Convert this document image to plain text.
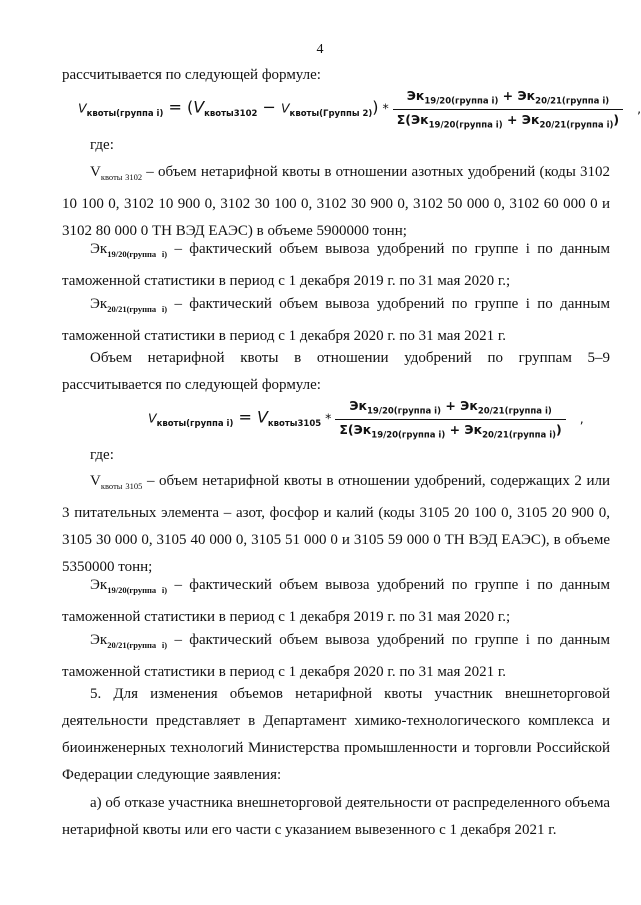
4
рассчитывается по следующей формуле:
$V_{квоты(группа i)} = (V_{квоты3102} - V_{квоты(Группы 2)}) * \frac{Эк_{19/20(группа i)} + Эк_{20/21(группа i)}}{\Sigma(Эк_{19/20(группа i)} + Эк_{20/21(группа i)})}$ ,
где:
$V_{квоты 3102}$ – объем нетарифной квоты в отношении азотных удобрений (коды 3102 10 100 0, 3102 10 900 0, 3102 30 100 0, 3102 30 900 0, 3102 50 000 0, 3102 60 000 0 и 3102 80 000 0 ТН ВЭД ЕАЭС) в объеме 5900000 тонн;
$Эк_{19/20(группа i)}$ – фактический объем вывоза удобрений по группе i по данным таможенной статистики в период с 1 декабря 2019 г. по 31 мая 2020 г.;
$Эк_{20/21(группа i)}$ – фактический объем вывоза удобрений по группе i по данным таможенной статистики в период с 1 декабря 2020 г. по 31 мая 2021 г.
Объем нетарифной квоты в отношении удобрений по группам 5–9 рассчитывается по следующей формуле:
$V_{квоты(группа i)} = V_{квоты3105} * \frac{Эк_{19/20(группа i)} + Эк_{20/21(группа i)}}{\Sigma(Эк_{19/20(группа i)} + Эк_{20/21(группа i)})}$ ,
где:
$V_{квоты 3105}$ – объем нетарифной квоты в отношении удобрений, содержащих 2 или 3 питательных элемента – азот, фосфор и калий (коды 3105 20 100 0, 3105 20 900 0, 3105 30 000 0, 3105 40 000 0, 3105 51 000 0 и 3105 59 000 0 ТН ВЭД ЕАЭС), в объеме 5350000 тонн;
$Эк_{19/20(группа i)}$ – фактический объем вывоза удобрений по группе i по данным таможенной статистики в период с 1 декабря 2019 г. по 31 мая 2020 г.;
$Эк_{20/21(группа i)}$ – фактический объем вывоза удобрений по группе i по данным таможенной статистики в период с 1 декабря 2020 г. по 31 мая 2021 г.
5. Для изменения объемов нетарифной квоты участник внешнеторговой деятельности представляет в Департамент химико-технологического комплекса и биоинженерных технологий Министерства промышленности и торговли Российской Федерации следующие заявления:
а) об отказе участника внешнеторговой деятельности от распределенного объема нетарифной квоты или его части с указанием вывезенного с 1 декабря 2021 г.
